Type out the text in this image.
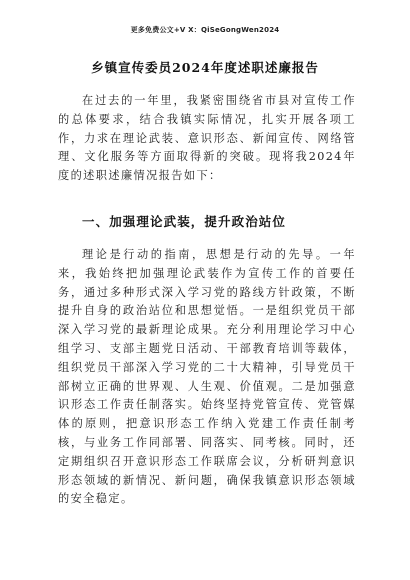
更多免费公文+V X：QiSeGongWen2024
乡镇宣传委员2024年度述职述廉报告

在过去的一年里，我紧密围绕省市县对宣传工作的总体要求，结合我镇实际情况，扎实开展各项工作，力求在理论武装、意识形态、新闻宣传、网络管理、文化服务等方面取得新的突破。现将我2024年度的述职述廉情况报告如下：

一、加强理论武装，提升政治站位

理论是行动的指南，思想是行动的先导。一年来，我始终把加强理论武装作为宣传工作的首要任务，通过多种形式深入学习党的路线方针政策，不断提升自身的政治站位和思想觉悟。一是组织党员干部深入学习党的最新理论成果。充分利用理论学习中心组学习、支部主题党日活动、干部教育培训等载体，组织党员干部深入学习党的二十大精神，引导党员干部树立正确的世界观、人生观、价值观。二是加强意识形态工作责任制落实。始终坚持党管宣传、党管媒体的原则，把意识形态工作纳入党建工作责任制考核，与业务工作同部署、同落实、同考核。同时，还定期组织召开意识形态工作联席会议，分析研判意识形态领域的新情况、新问题，确保我镇意识形态领域的安全稳定。
